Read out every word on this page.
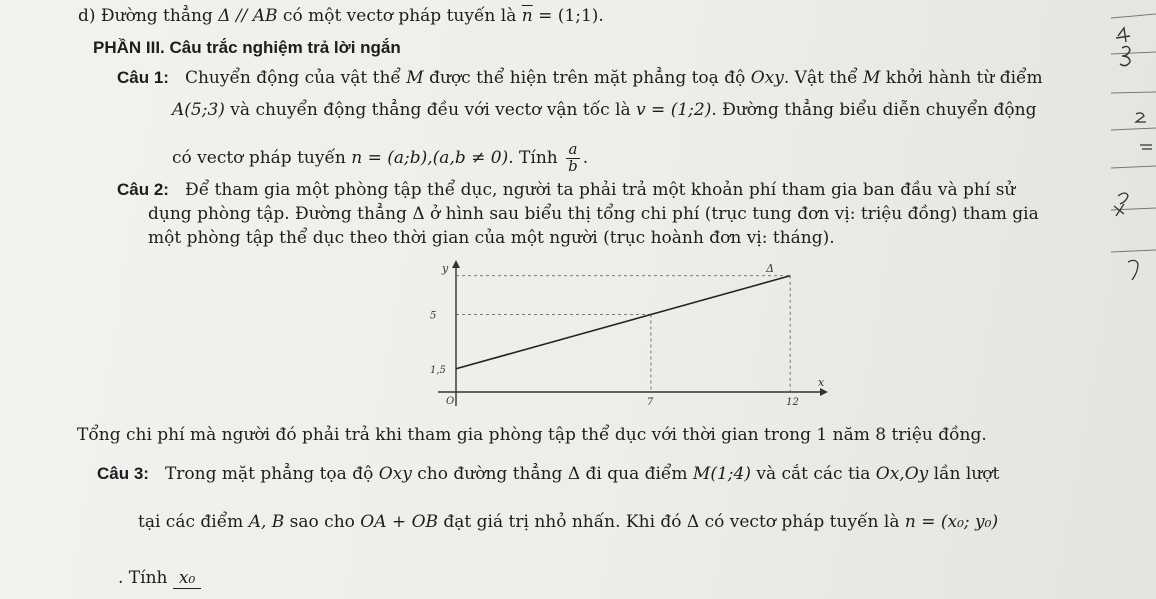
d) Đường thẳng Δ // AB có một vectơ pháp tuyến là $\overline{n}$ = (1;1).
PHẦN III. Câu trắc nghiệm trả lời ngắn
Câu 1: Chuyển động của vật thể M được thể hiện trên mặt phẳng toạ độ Oxy. Vật thể M khởi hành từ điểm
A(5;3) và chuyển động thẳng đều với vectơ vận tốc là v = (1;2). Đường thẳng biểu diễn chuyển động
có vectơ pháp tuyến n = (a;b),(a,b ≠ 0). Tính $\frac{a}{b}$ .
Câu 2: Để tham gia một phòng tập thể dục, người ta phải trả một khoản phí tham gia ban đầu và phí sử
dụng phòng tập. Đường thẳng Δ ở hình sau biểu thị tổng chi phí (trục tung đơn vị: triệu đồng) tham gia
một phòng tập thể dục theo thời gian của một người (trục hoành đơn vị: tháng).
y
x
O	7	12
1,5
5
Δ
Tổng chi phí mà người đó phải trả khi tham gia phòng tập thể dục với thời gian trong 1 năm 8 triệu đồng.
Câu 3: Trong mặt phẳng tọa độ Oxy cho đường thẳng Δ đi qua điểm M(1;4) và cắt các tia Ox,Oy lần lượt
tại các điểm A, B sao cho OA + OB đạt giá trị nhỏ nhấn. Khi đó Δ có vectơ pháp tuyến là n = (x₀; y₀)
. Tính x₀
